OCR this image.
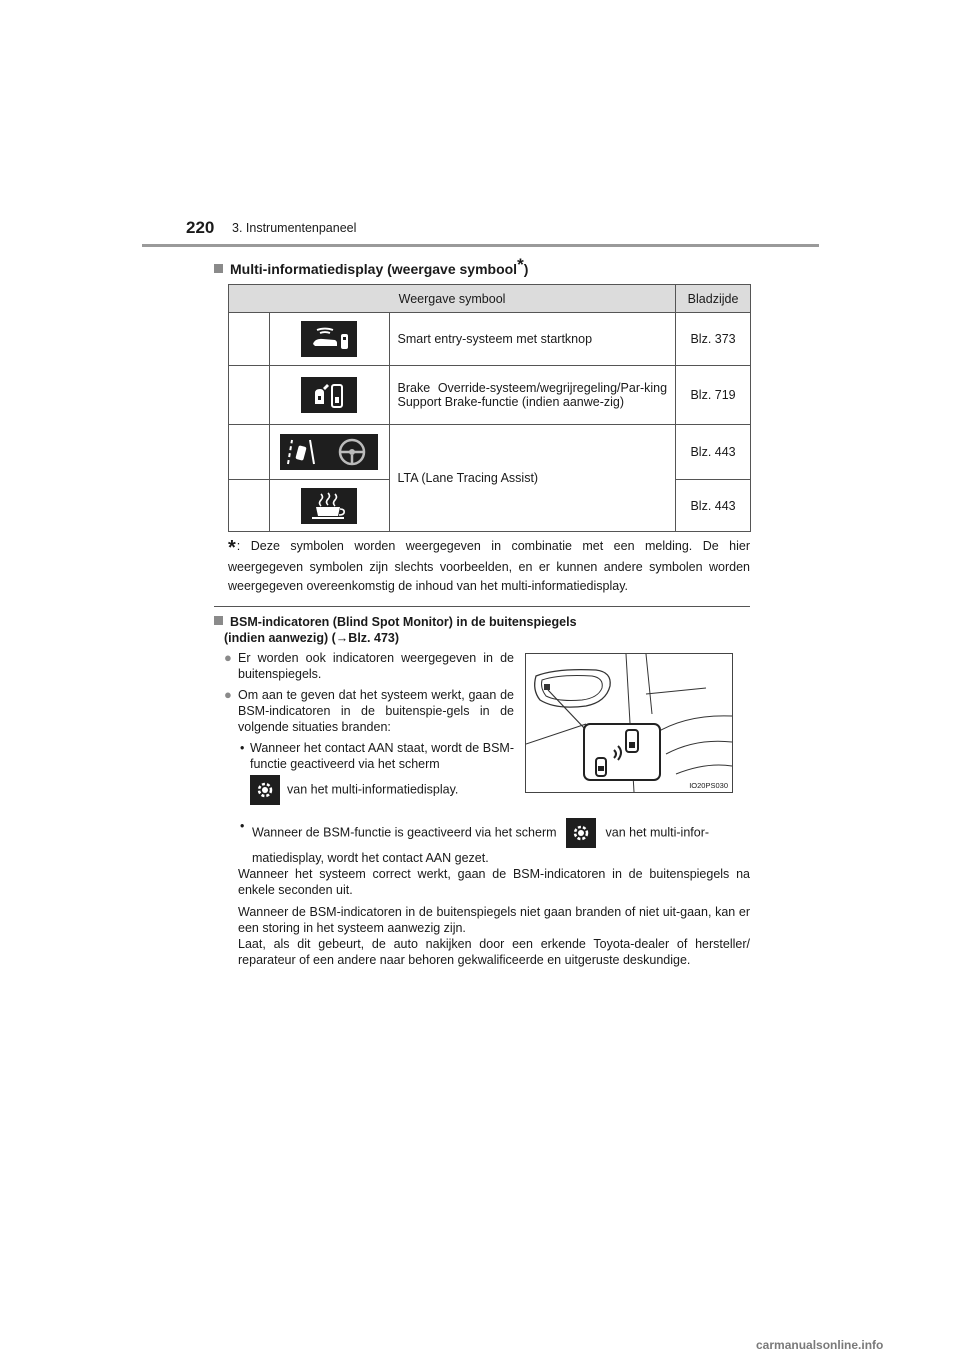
220 3. Instrumentenpaneel
Multi-informatiedisplay (weergave symbool*)
Weergave symbool			Bladzijde

	Smart entry-systeem met startknop	Blz. 373

	Brake Override-systeem/wegrijregeling/Par-king Support Brake-functie (indien aanwe-zig)	Blz. 719

	LTA (Lane Tracing Assist)	Blz. 443

	Blz. 443
*: Deze symbolen worden weergegeven in combinatie met een melding. De hier weergegeven symbolen zijn slechts voorbeelden, en er kunnen andere symbolen worden weergegeven overeenkomstig de inhoud van het multi-informatiedisplay.
BSM-indicatoren (Blind Spot Monitor) in de buitenspiegels
(indien aanwezig) (→Blz. 473)
● Er worden ook indicatoren weergegeven in de buitenspiegels.
● Om aan te geven dat het systeem werkt, gaan de BSM-indicatoren in de buitenspie-gels in de volgende situaties branden:
• Wanneer het contact AAN staat, wordt de BSM-functie geactiveerd via het scherm
IO20PS030
van het multi-informatiedisplay.

• Wanneer de BSM-functie is geactiveerd via het scherm	van het multi-infor-

matiedisplay, wordt het contact AAN gezet.

Wanneer het systeem correct werkt, gaan de BSM-indicatoren in de buitenspiegels na enkele seconden uit.

Wanneer de BSM-indicatoren in de buitenspiegels niet gaan branden of niet uit-gaan, kan er een storing in het systeem aanwezig zijn.

Laat, als dit gebeurt, de auto nakijken door een erkende Toyota-dealer of hersteller/ reparateur of een andere naar behoren gekwalificeerde en uitgeruste deskundige.

carmanualsonline.info
